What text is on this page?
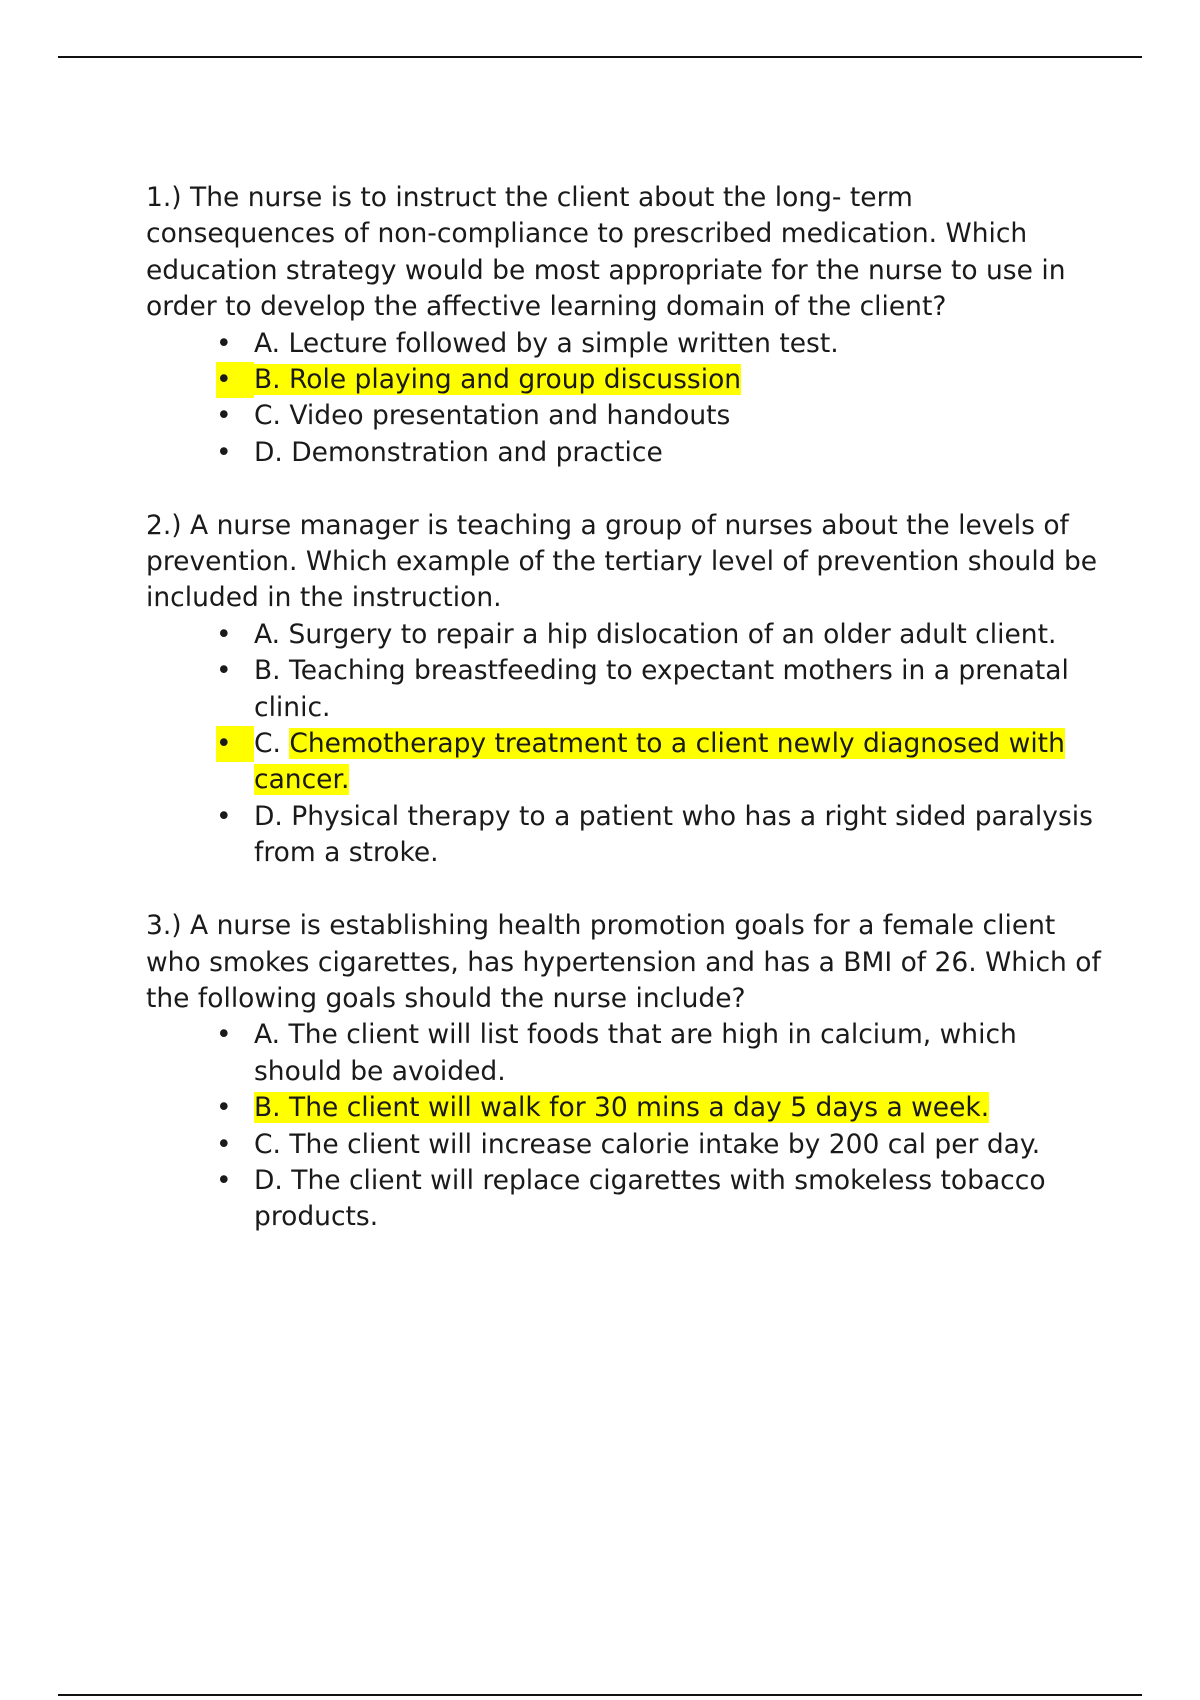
1.) The nurse is to instruct the client about the long- term consequences of non-compliance to prescribed medication. Which education strategy would be most appropriate for the nurse to use in order to develop the affective learning domain of the client?

• A. Lecture followed by a simple written test.
• B. Role playing and group discussion
• C. Video presentation and handouts
• D. Demonstration and practice

2.) A nurse manager is teaching a group of nurses about the levels of prevention. Which example of the tertiary level of prevention should be included in the instruction.

• A. Surgery to repair a hip dislocation of an older adult client.
• B. Teaching breastfeeding to expectant mothers in a prenatal clinic.
• C. Chemotherapy treatment to a client newly diagnosed with cancer.
• D. Physical therapy to a patient who has a right sided paralysis from a stroke.

3.) A nurse is establishing health promotion goals for a female client who smokes cigarettes, has hypertension and has a BMI of 26. Which of the following goals should the nurse include?

• A. The client will list foods that are high in calcium, which should be avoided.
• B. The client will walk for 30 mins a day 5 days a week.
• C. The client will increase calorie intake by 200 cal per day.
• D. The client will replace cigarettes with smokeless tobacco products.
